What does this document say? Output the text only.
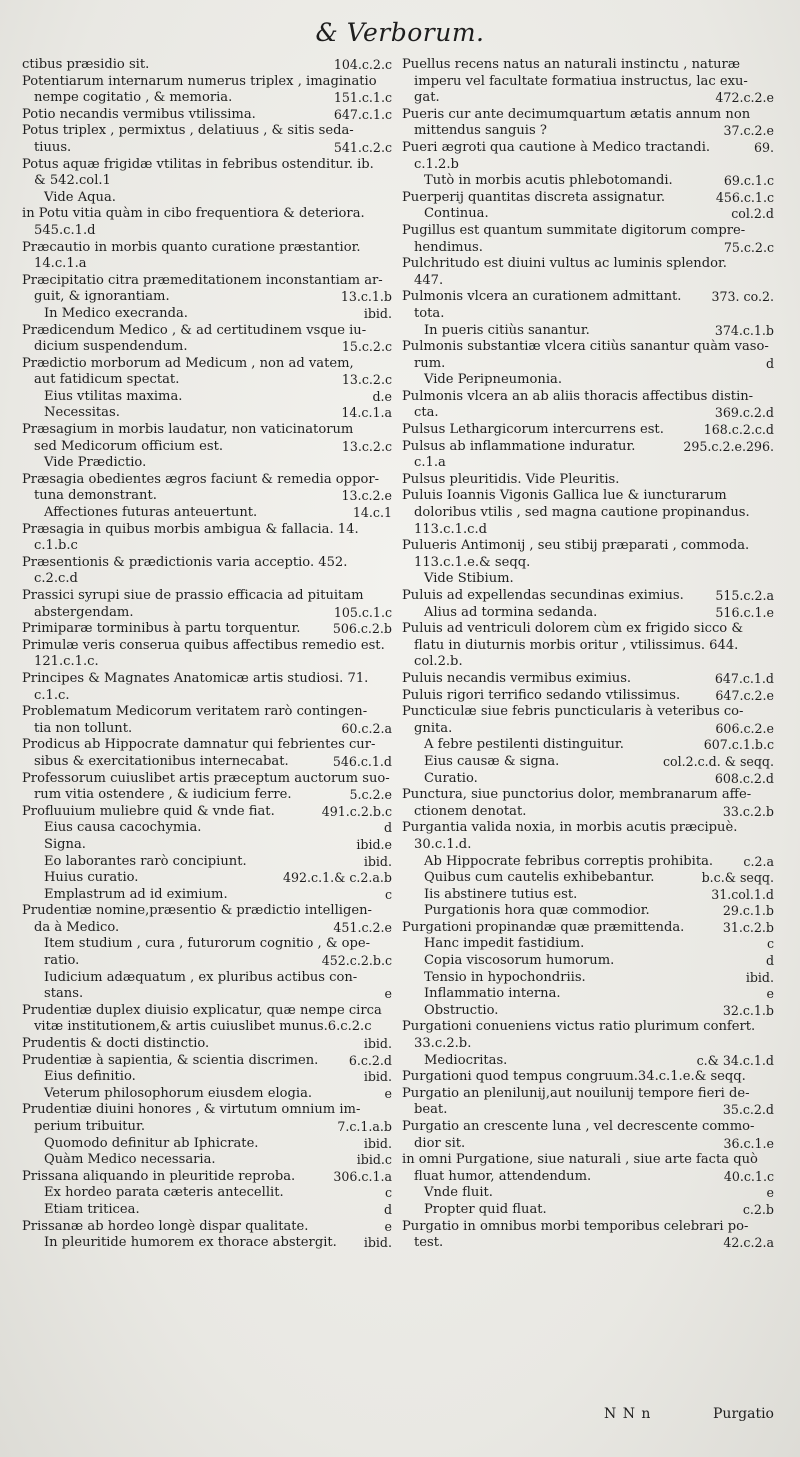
& Verborum.
ctibus præsidio sit.	104.c.2.c
Potentiarum internarum numerus triplex , imaginatio
nempe cogitatio , & memoria.	151.c.1.c
Potio necandis vermibus vtilissima.	647.c.1.c
Potus triplex , permixtus , delatiuus , & sitis seda-
tiuus.	541.c.2.c
Potus aquæ frigidæ vtilitas in febribus ostenditur. ib.
& 542.col.1
Vide Aqua.
in Potu vitia quàm in cibo frequentiora & deteriora.
545.c.1.d
Præcautio in morbis quanto curatione præstantior.
14.c.1.a
Præcipitatio citra præmeditationem inconstantiam ar-
guit, & ignorantiam.	13.c.1.b
In Medico execranda.	ibid.
Prædicendum Medico , & ad certitudinem vsque iu-
dicium suspendendum.	15.c.2.c
Prædictio morborum ad Medicum , non ad vatem,
aut fatidicum spectat.	13.c.2.c
Eius vtilitas maxima.	d.e
Necessitas.	14.c.1.a
Præsagium in morbis laudatur, non vaticinatorum
sed Medicorum officium est.	13.c.2.c
Vide Prædictio.
Præsagia obedientes ægros faciunt & remedia oppor-
tuna demonstrant.	13.c.2.e
Affectiones futuras anteuertunt.	14.c.1
Præsagia in quibus morbis ambigua & fallacia. 14.
c.1.b.c
Præsentionis & prædictionis varia acceptio. 452.
c.2.c.d
Prassici syrupi siue de prassio efficacia ad pituitam
abstergendam.	105.c.1.c
Primiparæ torminibus à partu torquentur.	506.c.2.b
Primulæ veris conserua quibus affectibus remedio est.
121.c.1.c.
Principes & Magnates Anatomicæ artis studiosi. 71.
c.1.c.
Problematum Medicorum veritatem rarò contingen-
tia non tollunt.	60.c.2.a
Prodicus ab Hippocrate damnatur qui febrientes cur-
sibus & exercitationibus internecabat.	546.c.1.d
Professorum cuiuslibet artis præceptum auctorum suo-
rum vitia ostendere , & iudicium ferre.	5.c.2.e
Profluuium muliebre quid & vnde fiat.	491.c.2.b.c
Eius causa cacochymia.	d
Signa.	ibid.e
Eo laborantes rarò concipiunt.	ibid.
Huius curatio.	492.c.1.& c.2.a.b
Emplastrum ad id eximium.	c
Prudentiæ nomine,præsentio & prædictio intelligen-
da à Medico.	451.c.2.e
Item studium , cura , futurorum cognitio , & ope-
ratio.	452.c.2.b.c
Iudicium adæquatum , ex pluribus actibus con-
stans.	e
Prudentiæ duplex diuisio explicatur, quæ nempe circa
vitæ institutionem,& artis cuiuslibet munus.6.c.2.c
Prudentis & docti distinctio.	ibid.
Prudentiæ à sapientia, & scientia discrimen. 6.c.2.d
Eius definitio.	ibid.
Veterum philosophorum eiusdem elogia.	e
Prudentiæ diuini honores , & virtutum omnium im-
perium tribuitur.	7.c.1.a.b
Quomodo definitur ab Iphicrate.	ibid.
Quàm Medico necessaria.	ibid.c
Prissana aliquando in pleuritide reproba.	306.c.1.a
Ex hordeo parata cæteris antecellit.	c
Etiam triticea.	d
Prissanæ ab hordeo longè dispar qualitate.	e
In pleuritide humorem ex thorace abstergit. ibid.
Puellus recens natus an naturali instinctu , naturæ
imperu vel facultate formatiua instructus, lac exu-
gat.	472.c.2.e
Pueris cur ante decimumquartum ætatis annum non
mittendus sanguis ?	37.c.2.e
Pueri ægroti qua cautione à Medico tractandi.	69.
c.1.2.b
Tutò in morbis acutis phlebotomandi.	69.c.1.c
Puerperij quantitas discreta assignatur.	456.c.1.c
Continua.	col.2.d
Pugillus est quantum summitate digitorum compre-
hendimus.	75.c.2.c
Pulchritudo est diuini vultus ac luminis splendor.
447.
Pulmonis vlcera an curationem admittant. 373. co.2.
tota.
In pueris citiùs sanantur.	374.c.1.b
Pulmonis substantiæ vlcera citiùs sanantur quàm vaso-
rum.	d
Vide Peripneumonia.
Pulmonis vlcera an ab aliis thoracis affectibus distin-
cta.	369.c.2.d
Pulsus Lethargicorum intercurrens est.	168.c.2.c.d
Pulsus ab inflammatione induratur.	295.c.2.e.296.
c.1.a
Pulsus pleuritidis. Vide Pleuritis.
Puluis Ioannis Vigonis Gallica lue & iuncturarum
doloribus vtilis , sed magna cautione propinandus.
113.c.1.c.d
Pulueris Antimonij , seu stibij præparati , commoda.
113.c.1.e.& seqq.
Vide Stibium.
Puluis ad expellendas secundinas eximius.	515.c.2.a
Alius ad tormina sedanda.	516.c.1.e
Puluis ad ventriculi dolorem cùm ex frigido sicco &
flatu in diuturnis morbis oritur , vtilissimus. 644.
col.2.b.
Puluis necandis vermibus eximius.	647.c.1.d
Puluis rigori terrifico sedando vtilissimus.	647.c.2.e
Puncticulæ siue febris puncticularis à veteribus co-
gnita.	606.c.2.e
A febre pestilenti distinguitur.	607.c.1.b.c
Eius causæ & signa.	col.2.c.d. & seqq.
Curatio.	608.c.2.d
Punctura, siue punctorius dolor, membranarum affe-
ctionem denotat.	33.c.2.b
Purgantia valida noxia, in morbis acutis præcipuè.
30.c.1.d.
Ab Hippocrate febribus correptis prohibita. c.2.a
Quibus cum cautelis exhibebantur.	b.c.& seqq.
Iis abstinere tutius est.	31.col.1.d
Purgationis hora quæ commodior.	29.c.1.b
Purgationi propinandæ quæ præmittenda.	31.c.2.b
Hanc impedit fastidium.	c
Copia viscosorum humorum.	d
Tensio in hypochondriis.	ibid.
Inflammatio interna.	e
Obstructio.	32.c.1.b
Purgationi conueniens victus ratio plurimum confert.
33.c.2.b.
Mediocritas.	c.& 34.c.1.d
Purgationi quod tempus congruum.34.c.1.e.& seqq.
Purgatio an plenilunij,aut nouilunij tempore fieri de-
beat.	35.c.2.d
Purgatio an crescente luna , vel decrescente commo-
dior sit.	36.c.1.e
in omni Purgatione, siue naturali , siue arte facta quò
fluat humor, attendendum.	40.c.1.c
Vnde fluit.	e
Propter quid fluat.	c.2.b
Purgatio in omnibus morbi temporibus celebrari po-
test.	42.c.2.a
N N n	Purgatio
